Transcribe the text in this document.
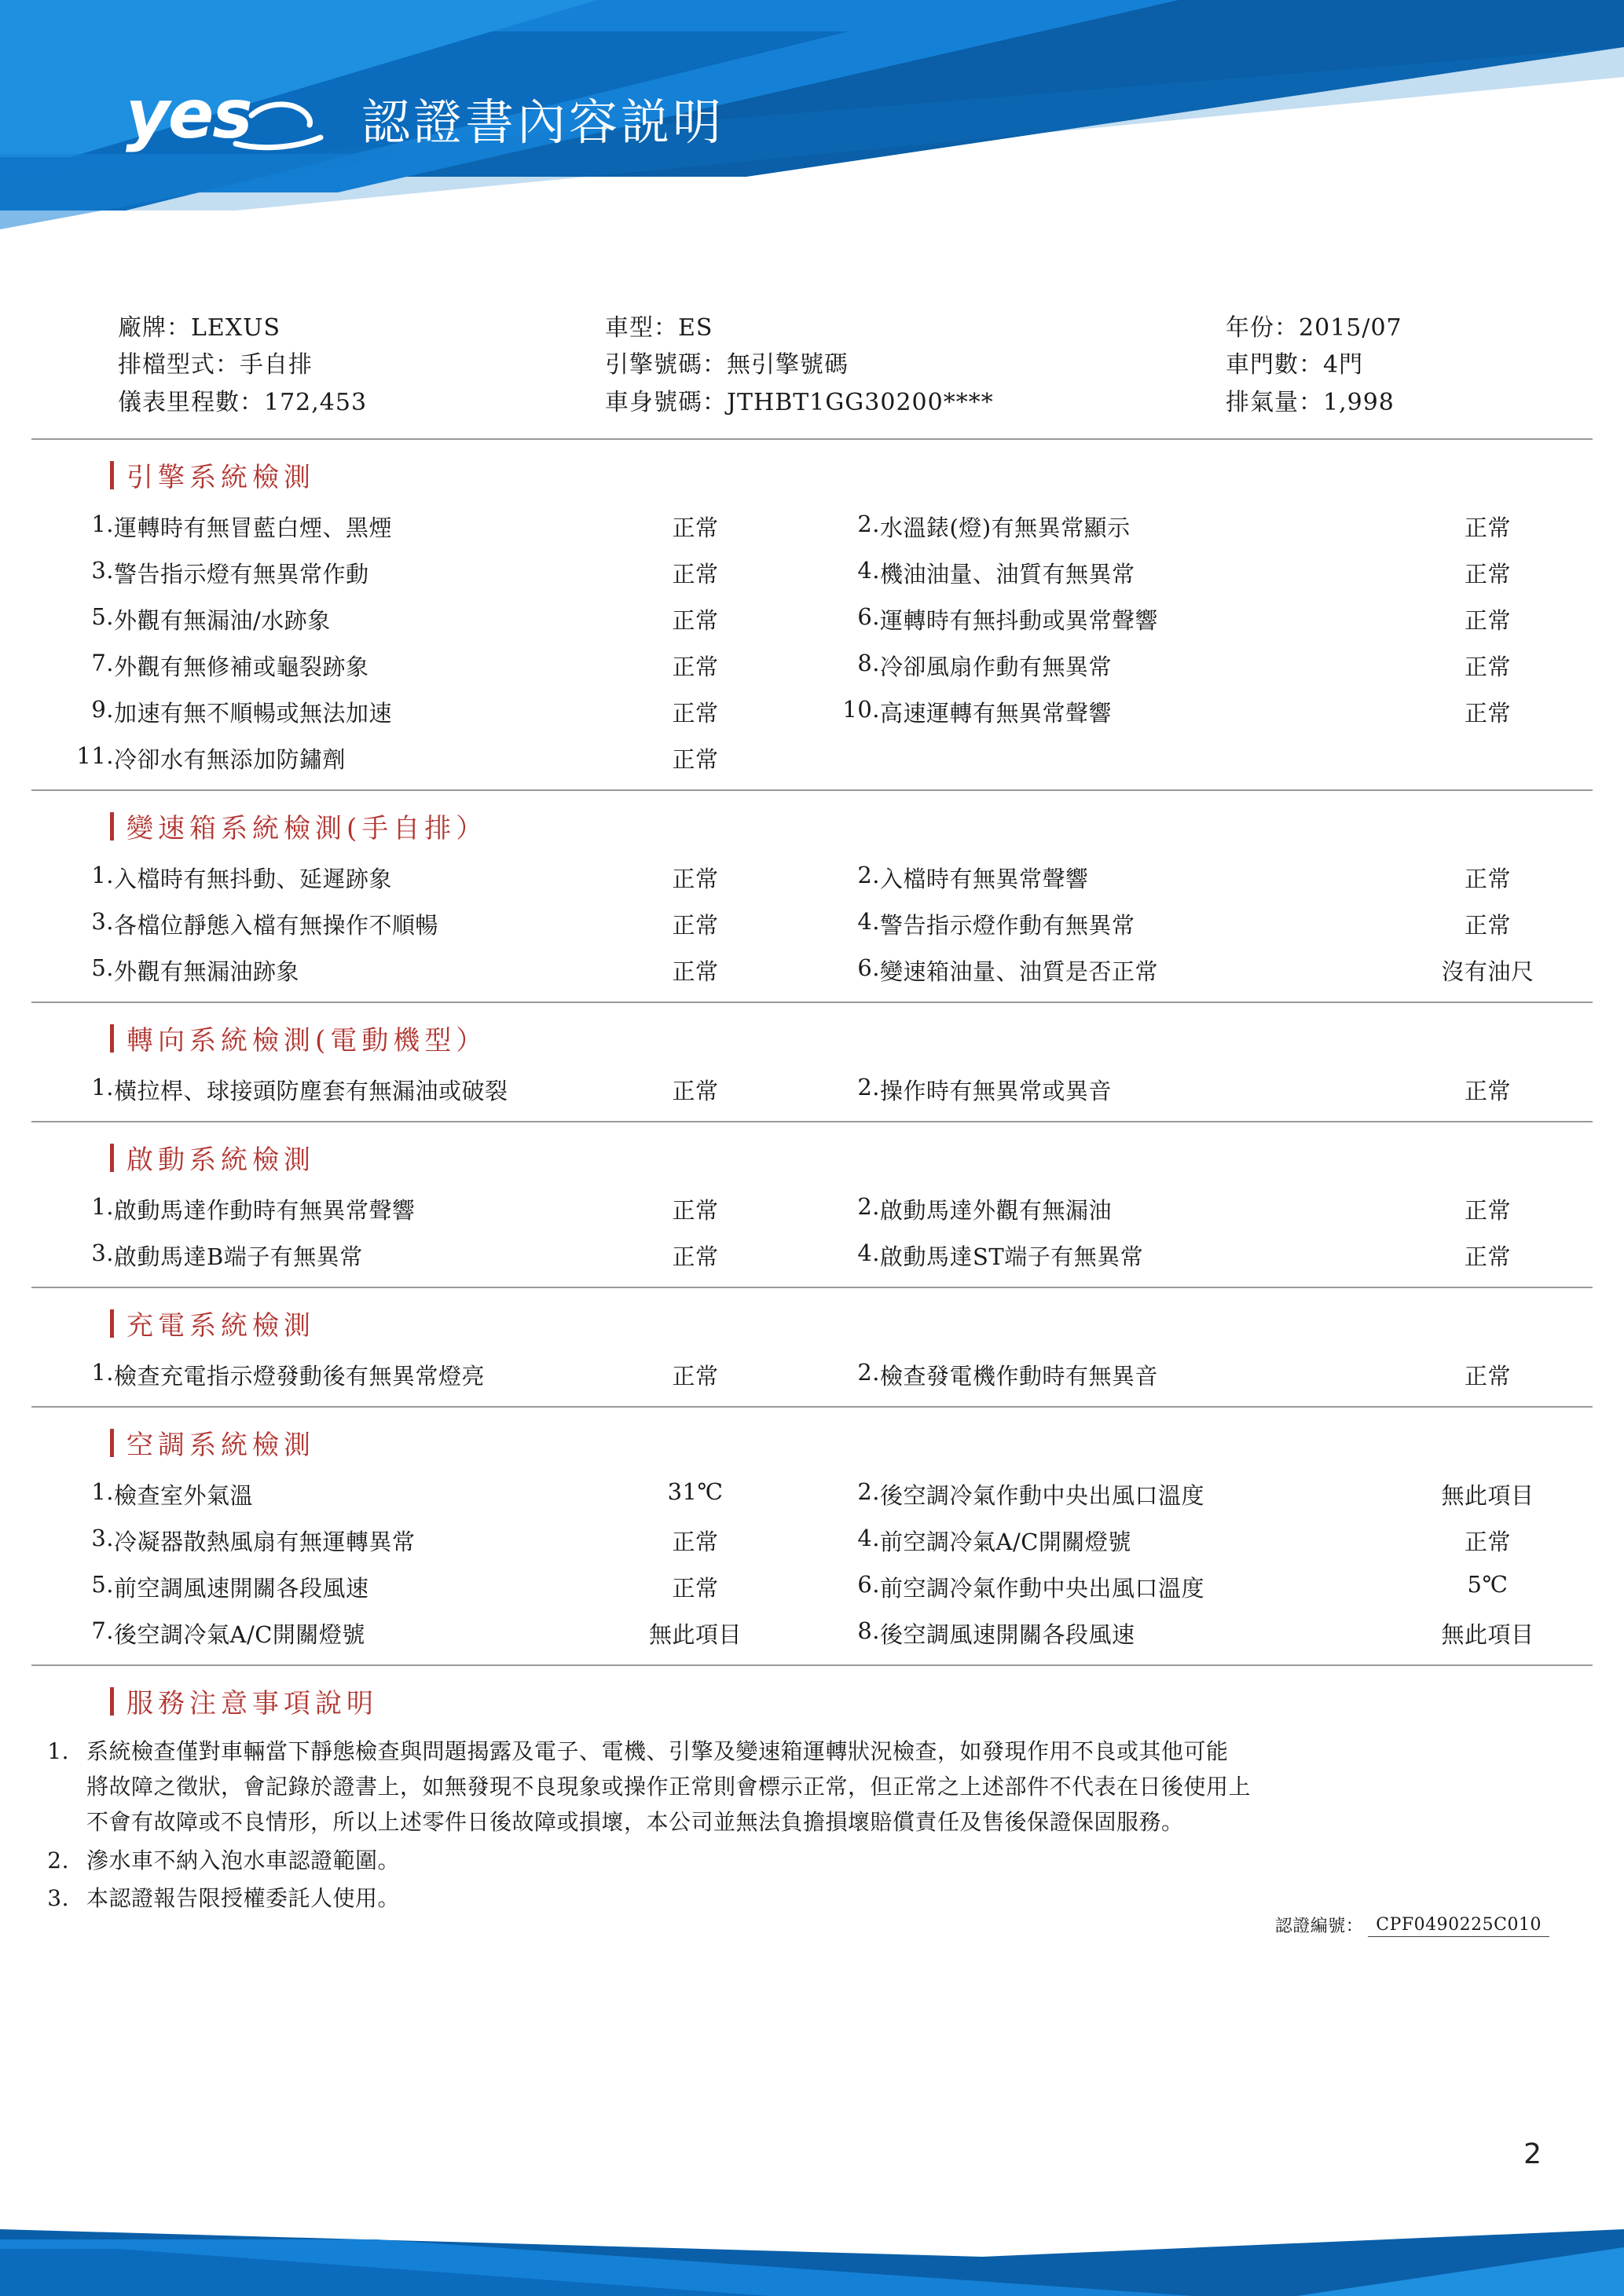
yes 認證書內容説明
廠牌：LEXUS
排檔型式：手自排
儀表里程數：172,453
車型：ES
引擎號碼：無引擎號碼
車身號碼：JTHBT1GG30200****
年份：2015/07
車門數：4門
排氣量：1,998
引擎系統檢測
1.	運轉時有無冒藍白煙、黑煙	正常		2.	水溫錶(燈)有無異常顯示	正常
3.	警告指示燈有無異常作動	正常		4.	機油油量、油質有無異常	正常
5.	外觀有無漏油/水跡象	正常		6.	運轉時有無抖動或異常聲響	正常
7.	外觀有無修補或龜裂跡象	正常		8.	冷卻風扇作動有無異常	正常
9.	加速有無不順暢或無法加速	正常		10.	高速運轉有無異常聲響	正常
11.	冷卻水有無添加防鏽劑	正常				
變速箱系統檢測(手自排）
1.	入檔時有無抖動、延遲跡象	正常		2.	入檔時有無異常聲響	正常
3.	各檔位靜態入檔有無操作不順暢	正常		4.	警告指示燈作動有無異常	正常
5.	外觀有無漏油跡象	正常		6.	變速箱油量、油質是否正常	沒有油尺
轉向系統檢測(電動機型）
1.	橫拉桿、球接頭防塵套有無漏油或破裂	正常		2.	操作時有無異常或異音	正常
啟動系統檢測
1.	啟動馬達作動時有無異常聲響	正常		2.	啟動馬達外觀有無漏油	正常
3.	啟動馬達B端子有無異常	正常		4.	啟動馬達ST端子有無異常	正常
充電系統檢測
1.	檢查充電指示燈發動後有無異常燈亮	正常		2.	檢查發電機作動時有無異音	正常
空調系統檢測
1.	檢查室外氣溫	31℃		2.	後空調冷氣作動中央出風口溫度	無此項目
3.	冷凝器散熱風扇有無運轉異常	正常		4.	前空調冷氣A/C開關燈號	正常
5.	前空調風速開關各段風速	正常		6.	前空調冷氣作動中央出風口溫度	5℃
7.	後空調冷氣A/C開關燈號	無此項目		8.	後空調風速開關各段風速	無此項目
服務注意事項說明
1. 系統檢查僅對車輛當下靜態檢查與問題揭露及電子、電機、引擎及變速箱運轉狀況檢查，如發現作用不良或其他可能
將故障之徵狀，會記錄於證書上，如無發現不良現象或操作正常則會標示正常，但正常之上述部件不代表在日後使用上
不會有故障或不良情形，所以上述零件日後故障或損壞，本公司並無法負擔損壞賠償責任及售後保證保固服務。
2. 滲水車不納入泡水車認證範圍。
3. 本認證報告限授權委託人使用。
認證編號： CPF0490225C010
2
